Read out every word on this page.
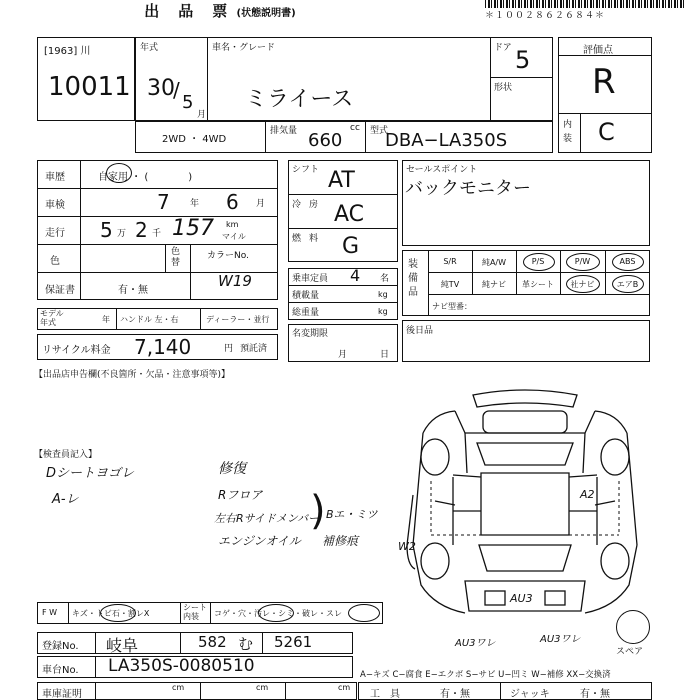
出　品　票 (状態説明書)	＊１００２８６２６８４＊
[1963] 川
10011
年式
30
/
5
月
車名・グレード
ミライース
ドア 5
形状
評価点
R
内装 C
2WD ・ 4WD
排気量 660
cc 型式
DBA−LA350S
車歴	自家用 ・ (　　　　)
車検	7 年 6 月
走行 5 万 2 千 157 km
マイル
色
色替
カラーNo.
W19
保証書	有・無
モデル年式	年 ハンドル 左・右	ディーラー・並行
リサイクル料金 7,140	円 預託済
シフト AT
冷房 AC
燃料 G
乗車定員 4 名
積載量	kg
総重量	kg
名変期限
月	日
セールスポイント
バックモニター
装備品
S/R	純A/W	P/S	P/W	ABS
純TV	純ナビ	革シート	社ナビ	エアB
ナビ型番：
後日品
【出品店申告欄(不良箇所・欠品・注意事項等)】
【検査員記入】
Dシートヨゴレ
A-レ
修復
Rフロア
左右Rサイドメンバー
エンジンオイル
) Bエ・ミツ
補修痕
A2
W2
AU3
AU3ワレ	AU3ワレ
スペア
F W キズ・トビ石・割レX
シート内装	コゲ・穴・汚レ・シミ・破レ・スレ
登録No. 岐阜	582 む 5261
車台No. LA350S-0080510
車庫証明
cm	cm	cm
A−キズ C−腐食 E−エクボ S−サビ U−凹ミ W−補修 XX−交換済
工　具	有・無	ジャッキ	有・無
